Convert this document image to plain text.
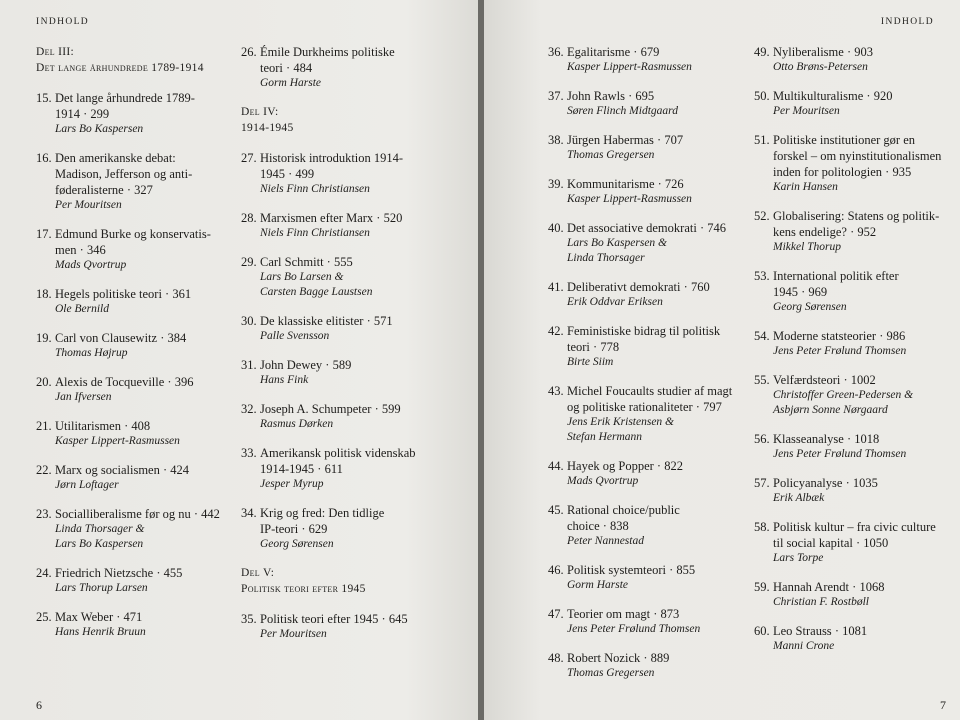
INDHOLD
Del III:
Det lange århundrede 1789-1914
15. Det lange århundrede 1789-
1914 · 299
Lars Bo Kaspersen
16. Den amerikanske debat:
Madison, Jefferson og anti-
føderalisterne · 327
Per Mouritsen
17. Edmund Burke og konservatis-
men · 346
Mads Qvortrup
18. Hegels politiske teori · 361
Ole Bernild
19. Carl von Clausewitz · 384
Thomas Højrup
20. Alexis de Tocqueville · 396
Jan Ifversen
21. Utilitarismen · 408
Kasper Lippert-Rasmussen
22. Marx og socialismen · 424
Jørn Loftager
23. Socialliberalisme før og nu · 442
Linda Thorsager &
Lars Bo Kaspersen
24. Friedrich Nietzsche · 455
Lars Thorup Larsen
25. Max Weber · 471
Hans Henrik Bruun
26. Émile Durkheims politiske
teori · 484
Gorm Harste
Del IV:
1914-1945
27. Historisk introduktion 1914-
1945 · 499
Niels Finn Christiansen
28. Marxismen efter Marx · 520
Niels Finn Christiansen
29. Carl Schmitt · 555
Lars Bo Larsen &
Carsten Bagge Laustsen
30. De klassiske elitister · 571
Palle Svensson
31. John Dewey · 589
Hans Fink
32. Joseph A. Schumpeter · 599
Rasmus Dørken
33. Amerikansk politisk videnskab
1914-1945 · 611
Jesper Myrup
34. Krig og fred: Den tidlige
IP-teori · 629
Georg Sørensen
Del V:
Politisk teori efter 1945
35. Politisk teori efter 1945 · 645
Per Mouritsen
6
INDHOLD
36. Egalitarisme · 679
Kasper Lippert-Rasmussen
37. John Rawls · 695
Søren Flinch Midtgaard
38. Jürgen Habermas · 707
Thomas Gregersen
39. Kommunitarisme · 726
Kasper Lippert-Rasmussen
40. Det associative demokrati · 746
Lars Bo Kaspersen &
Linda Thorsager
41. Deliberativt demokrati · 760
Erik Oddvar Eriksen
42. Feministiske bidrag til politisk
teori · 778
Birte Siim
43. Michel Foucaults studier af magt
og politiske rationaliteter · 797
Jens Erik Kristensen &
Stefan Hermann
44. Hayek og Popper · 822
Mads Qvortrup
45. Rational choice/public
choice · 838
Peter Nannestad
46. Politisk systemteori · 855
Gorm Harste
47. Teorier om magt · 873
Jens Peter Frølund Thomsen
48. Robert Nozick · 889
Thomas Gregersen
49. Nyliberalisme · 903
Otto Brøns-Petersen
50. Multikulturalisme · 920
Per Mouritsen
51. Politiske institutioner gør en
forskel – om nyinstitutionalismen
inden for politologien · 935
Karin Hansen
52. Globalisering: Statens og politik-
kens endelige? · 952
Mikkel Thorup
53. International politik efter
1945 · 969
Georg Sørensen
54. Moderne statsteorier · 986
Jens Peter Frølund Thomsen
55. Velfærdsteori · 1002
Christoffer Green-Pedersen &
Asbjørn Sonne Nørgaard
56. Klasseanalyse · 1018
Jens Peter Frølund Thomsen
57. Policyanalyse · 1035
Erik Albæk
58. Politisk kultur – fra civic culture
til social kapital · 1050
Lars Torpe
59. Hannah Arendt · 1068
Christian F. Rostbøll
60. Leo Strauss · 1081
Manni Crone
7
